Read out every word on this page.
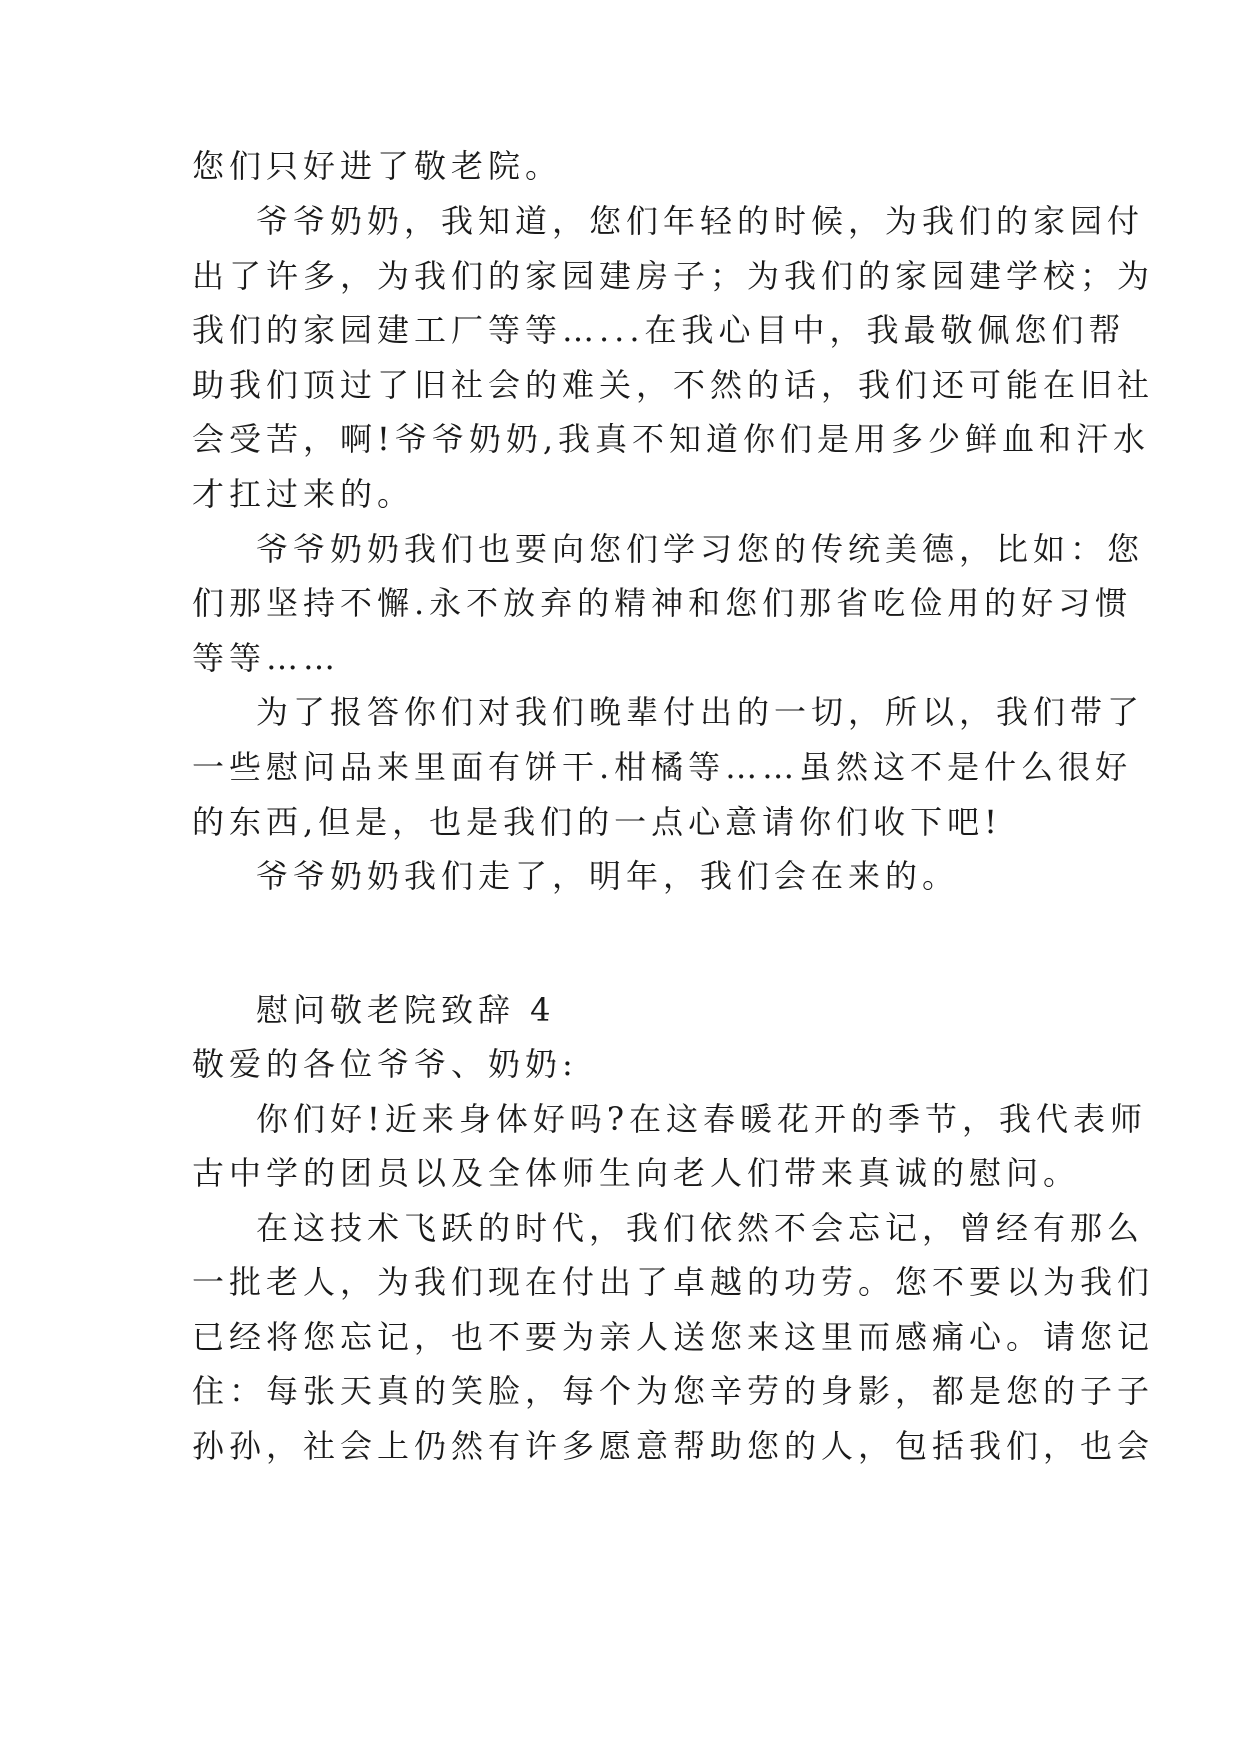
您们只好进了敬老院。
爷爷奶奶，我知道，您们年轻的时候，为我们的家园付
出了许多，为我们的家园建房子；为我们的家园建学校；为
我们的家园建工厂等等…...在我心目中，我最敬佩您们帮
助我们顶过了旧社会的难关，不然的话，我们还可能在旧社
会受苦，啊!爷爷奶奶,我真不知道你们是用多少鲜血和汗水
才扛过来的。
爷爷奶奶我们也要向您们学习您的传统美德，比如：您
们那坚持不懈.永不放弃的精神和您们那省吃俭用的好习惯
等等……
为了报答你们对我们晚辈付出的一切，所以，我们带了
一些慰问品来里面有饼干.柑橘等……虽然这不是什么很好
的东西,但是，也是我们的一点心意请你们收下吧!
爷爷奶奶我们走了，明年，我们会在来的。
慰问敬老院致辞 4
敬爱的各位爷爷、奶奶:
你们好!近来身体好吗?在这春暖花开的季节，我代表师
古中学的团员以及全体师生向老人们带来真诚的慰问。
在这技术飞跃的时代，我们依然不会忘记，曾经有那么
一批老人，为我们现在付出了卓越的功劳。您不要以为我们
已经将您忘记，也不要为亲人送您来这里而感痛心。请您记
住：每张天真的笑脸，每个为您辛劳的身影，都是您的子子
孙孙，社会上仍然有许多愿意帮助您的人，包括我们，也会
